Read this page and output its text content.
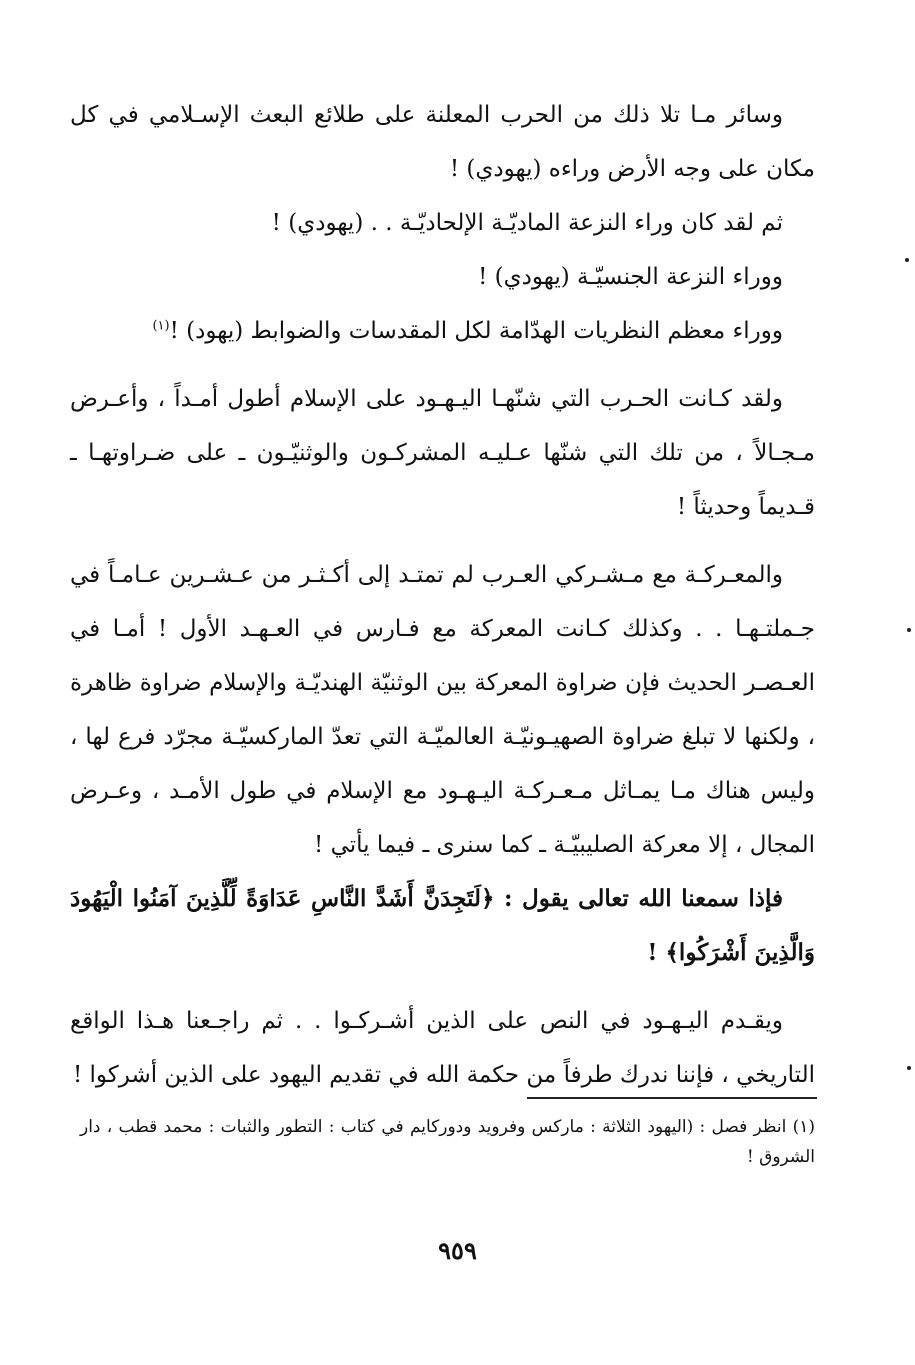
وسائر مـا تلا ذلك من الحرب المعلنة على طلائع البعث الإسـلامي في كل مكان على وجه الأرض وراءه (يهودي) !

ثم لقد كان وراء النزعة الماديّـة الإلحاديّـة . . (يهودي) !

ووراء النزعة الجنسيّـة (يهودي) !

ووراء معظم النظريات الهدّامة لكل المقدسات والضوابط (يهود) !$^{(١)}$

ولقد كـانت الحـرب التي شنّهـا اليـهـود على الإسلام أطول أمـداً ، وأعـرض مـجـالاً ، من تلك التي شنّها عـليـه المشركـون والوثنيّـون ـ على ضـراوتهـا ـ قـديماً وحديثاً !

والمعـركـة مع مـشـركي العـرب لم تمتـد إلى أكـثـر من عـشـرين عـامـاً في جـملتـهـا . . وكذلك كـانت المعركة مع فـارس في العـهـد الأول ! أمـا في العـصـر الحديث فإن ضراوة المعركة بين الوثنيّة الهنديّـة والإسلام ضراوة ظاهرة ، ولكنها لا تبلغ ضراوة الصهيـونيّـة العالميّـة التي تعدّ الماركسيّـة مجرّد فرع لها ، وليس هناك مـا يمـاثل مـعـركـة اليـهـود مع الإسلام في طول الأمـد ، وعـرض المجال ، إلا معركة الصليبيّـة ـ كما سنرى ـ فيما يأتي !

فإذا سمعنا الله تعالى يقول : ﴿لَتَجِدَنَّ أَشَدَّ النَّاسِ عَدَاوَةً لِّلَّذِينَ آمَنُوا الْيَهُودَ وَالَّذِينَ أَشْرَكُوا﴾ !

ويقـدم اليـهـود في النص على الذين أشـركـوا . . ثم راجـعنا هـذا الواقع التاريخي ، فإننا ندرك طرفاً من حكمة الله في تقديم اليهود على الذين أشركوا !

(١) انظر فصل : (اليهود الثلاثة : ماركس وفرويد ودوركايم في كتاب : التطور والثبات : محمد قطب ، دار الشروق !

٩٥٩
